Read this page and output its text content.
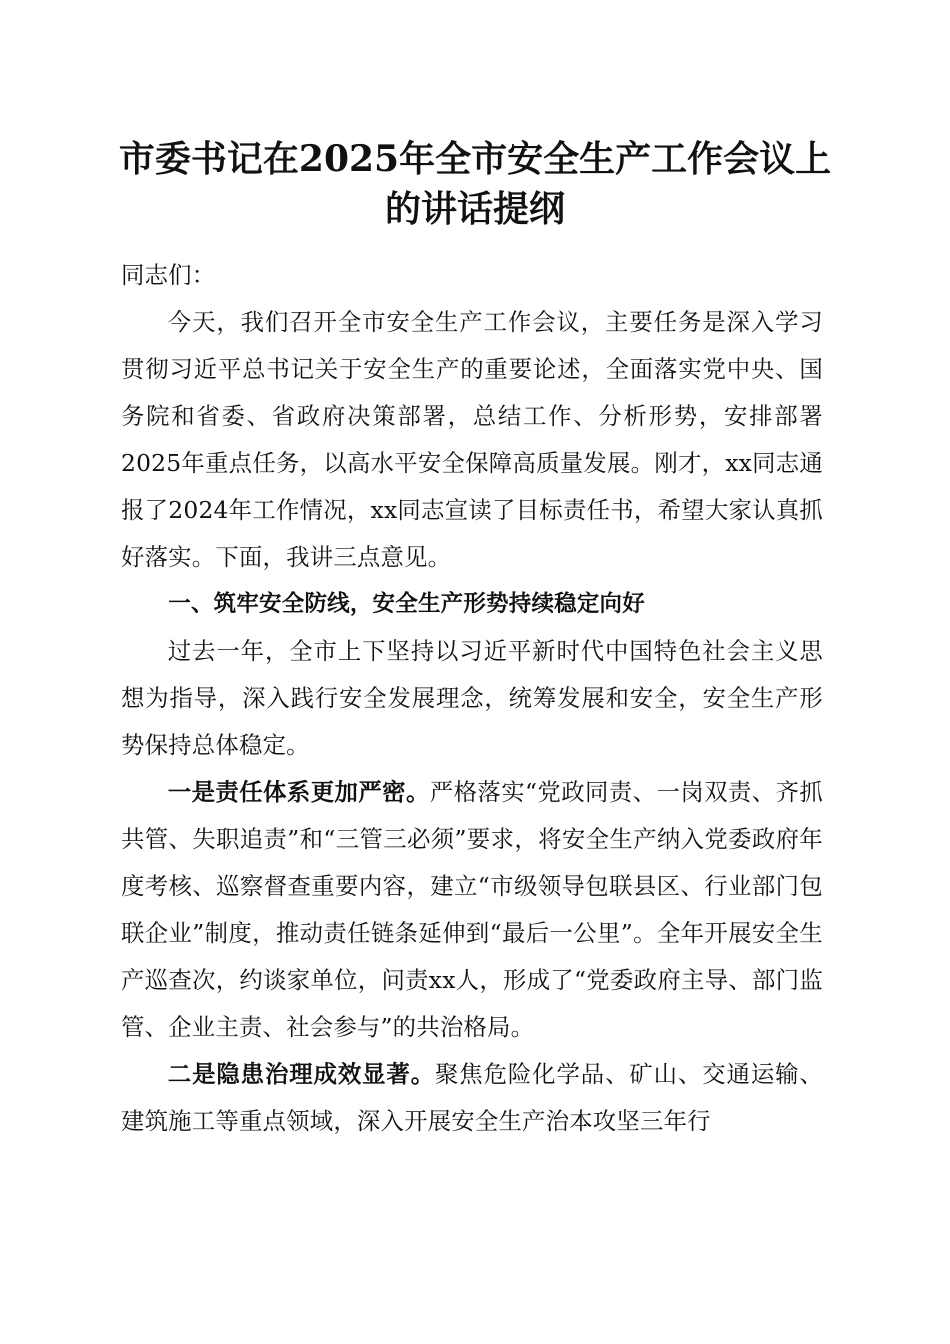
市委书记在2025年全市安全生产工作会议上
的讲话提纲

同志们：

今天，我们召开全市安全生产工作会议，主要任务是深入学习贯彻习近平总书记关于安全生产的重要论述，全面落实党中央、国务院和省委、省政府决策部署，总结工作、分析形势，安排部署2025年重点任务，以高水平安全保障高质量发展。刚才，xx同志通报了2024年工作情况，xx同志宣读了目标责任书，希望大家认真抓好落实。下面，我讲三点意见。

一、筑牢安全防线，安全生产形势持续稳定向好

过去一年，全市上下坚持以习近平新时代中国特色社会主义思想为指导，深入践行安全发展理念，统筹发展和安全，安全生产形势保持总体稳定。

一是责任体系更加严密。严格落实“党政同责、一岗双责、齐抓共管、失职追责”和“三管三必须”要求，将安全生产纳入党委政府年度考核、巡察督查重要内容，建立“市级领导包联县区、行业部门包联企业”制度，推动责任链条延伸到“最后一公里”。全年开展安全生产巡查次，约谈家单位，问责xx人，形成了“党委政府主导、部门监管、企业主责、社会参与”的共治格局。

二是隐患治理成效显著。聚焦危险化学品、矿山、交通运输、建筑施工等重点领域，深入开展安全生产治本攻坚三年行
